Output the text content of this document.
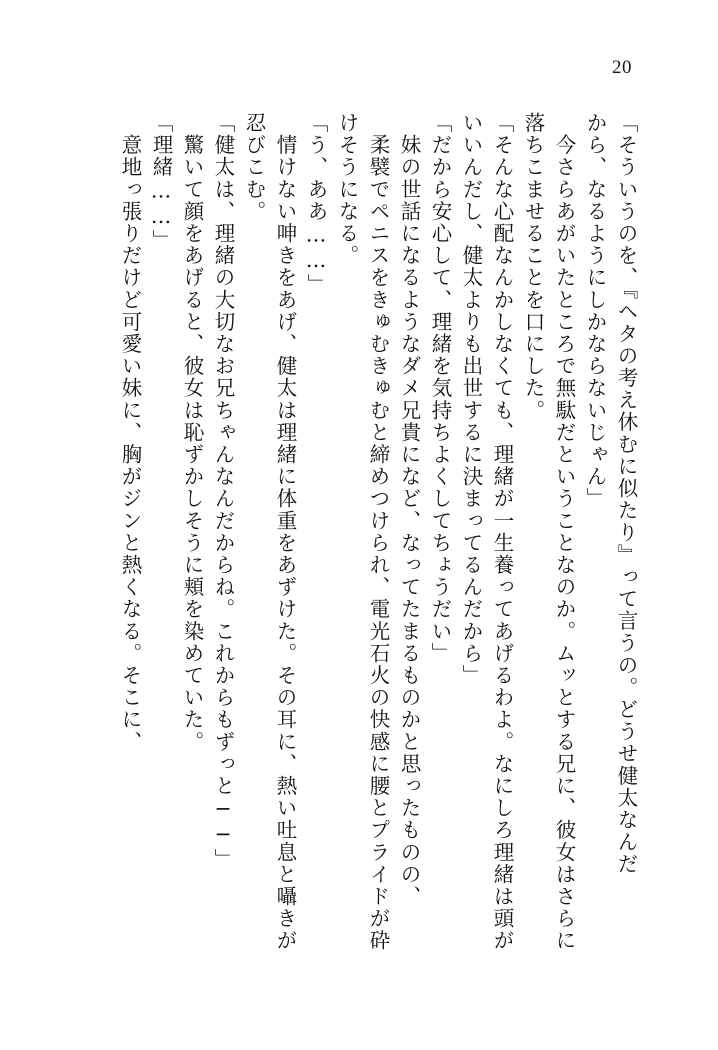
20
「そういうのを、『ヘタの考え休むに似たり』って言うの。どうせ健太なんだ
から、なるようにしかならないじゃん」
　今さらあがいたところで無駄だということなのか。ムッとする兄に、彼女はさらに
落ちこませることを口にした。
「そんな心配なんかしなくても、理緒が一生養ってあげるわよ。なにしろ理緒は頭が
いいんだし、健太よりも出世するに決まってるんだから」
「だから安心して、理緒を気持ちよくしてちょうだい」
　妹の世話になるようなダメ兄貴になど、なってたまるものかと思ったものの、
　柔襞でペニスをきゅむきゅむと締めつけられ、電光石火の快感に腰とプライドが砕
けそうになる。
「う、ああ……」
　情けない呻きをあげ、健太は理緒に体重をあずけた。その耳に、熱い吐息と囁きが
忍びこむ。
「健太は、理緒の大切なお兄ちゃんなんだからね。これからもずっと──」
　驚いて顔をあげると、彼女は恥ずかしそうに頬を染めていた。
「理緒……」
　意地っ張りだけど可愛い妹に、胸がジンと熱くなる。そこに、
